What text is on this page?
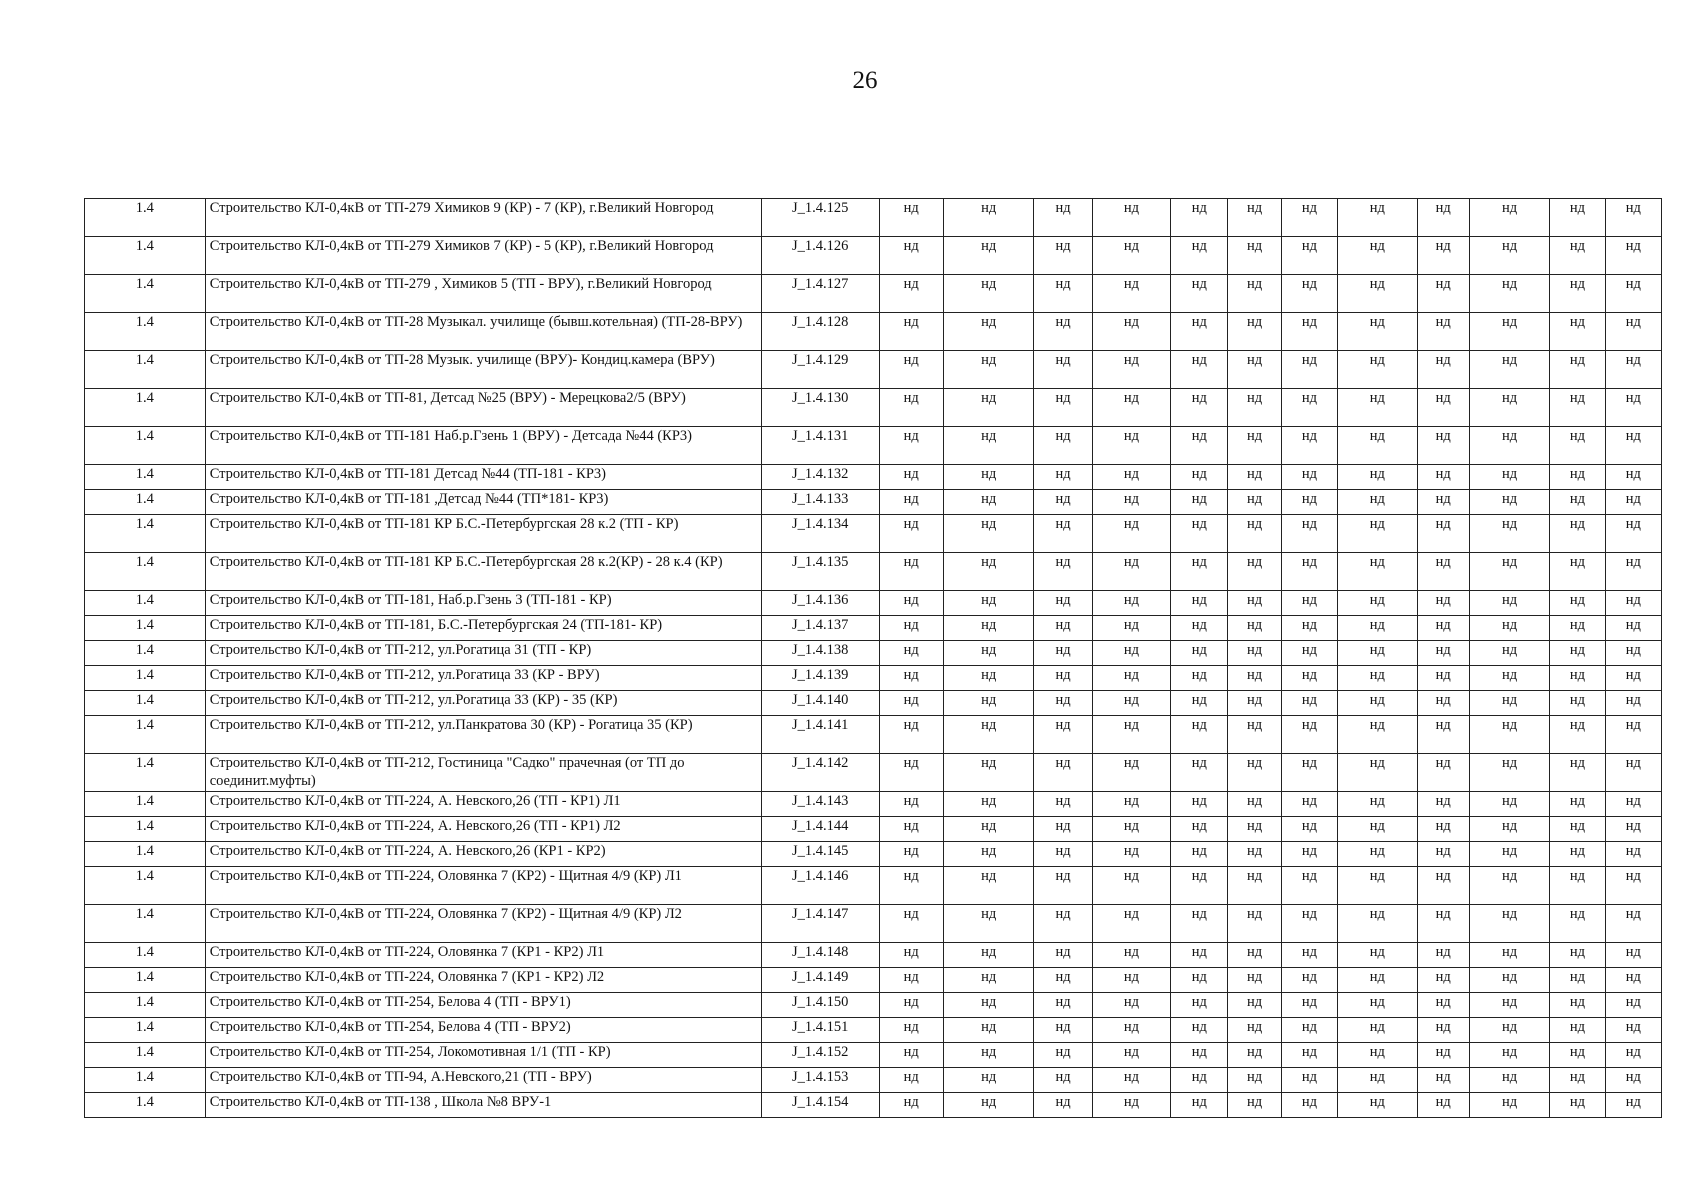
26
1.4	Строительство КЛ-0,4кВ от ТП-279 Химиков 9 (КР) - 7 (КР), г.Великий Новгород	J_1.4.125	нд	нд	нд	нд	нд	нд	нд	нд	нд	нд	нд	нд
1.4	Строительство КЛ-0,4кВ от ТП-279 Химиков 7 (КР) - 5 (КР), г.Великий Новгород	J_1.4.126	нд	нд	нд	нд	нд	нд	нд	нд	нд	нд	нд	нд
1.4	Строительство КЛ-0,4кВ от ТП-279 , Химиков 5 (ТП - ВРУ), г.Великий Новгород	J_1.4.127	нд	нд	нд	нд	нд	нд	нд	нд	нд	нд	нд	нд
1.4	Строительство КЛ-0,4кВ от ТП-28 Музыкал. училище (бывш.котельная) (ТП-28-ВРУ)	J_1.4.128	нд	нд	нд	нд	нд	нд	нд	нд	нд	нд	нд	нд
1.4	Строительство КЛ-0,4кВ от ТП-28 Музык. училище (ВРУ)- Кондиц.камера (ВРУ)	J_1.4.129	нд	нд	нд	нд	нд	нд	нд	нд	нд	нд	нд	нд
1.4	Строительство КЛ-0,4кВ от ТП-81, Детсад №25 (ВРУ) - Мерецкова2/5 (ВРУ)	J_1.4.130	нд	нд	нд	нд	нд	нд	нд	нд	нд	нд	нд	нд
1.4	Строительство КЛ-0,4кВ от ТП-181 Наб.р.Гзень 1 (ВРУ) - Детсада №44 (КР3)	J_1.4.131	нд	нд	нд	нд	нд	нд	нд	нд	нд	нд	нд	нд
1.4	Строительство КЛ-0,4кВ от ТП-181 Детсад №44 (ТП-181 - КР3)	J_1.4.132	нд	нд	нд	нд	нд	нд	нд	нд	нд	нд	нд	нд
1.4	Строительство КЛ-0,4кВ от ТП-181 ,Детсад №44 (ТП*181- КР3)	J_1.4.133	нд	нд	нд	нд	нд	нд	нд	нд	нд	нд	нд	нд
1.4	Строительство КЛ-0,4кВ от ТП-181 КР Б.С.-Петербургская 28 к.2 (ТП - КР)	J_1.4.134	нд	нд	нд	нд	нд	нд	нд	нд	нд	нд	нд	нд
1.4	Строительство КЛ-0,4кВ от ТП-181 КР Б.С.-Петербургская 28 к.2(КР) - 28 к.4 (КР)	J_1.4.135	нд	нд	нд	нд	нд	нд	нд	нд	нд	нд	нд	нд
1.4	Строительство КЛ-0,4кВ от ТП-181, Наб.р.Гзень 3 (ТП-181 - КР)	J_1.4.136	нд	нд	нд	нд	нд	нд	нд	нд	нд	нд	нд	нд
1.4	Строительство КЛ-0,4кВ от ТП-181, Б.С.-Петербургская 24 (ТП-181- КР)	J_1.4.137	нд	нд	нд	нд	нд	нд	нд	нд	нд	нд	нд	нд
1.4	Строительство КЛ-0,4кВ от ТП-212, ул.Рогатица 31 (ТП - КР)	J_1.4.138	нд	нд	нд	нд	нд	нд	нд	нд	нд	нд	нд	нд
1.4	Строительство КЛ-0,4кВ от ТП-212, ул.Рогатица 33 (КР - ВРУ)	J_1.4.139	нд	нд	нд	нд	нд	нд	нд	нд	нд	нд	нд	нд
1.4	Строительство КЛ-0,4кВ от ТП-212, ул.Рогатица 33 (КР) - 35 (КР)	J_1.4.140	нд	нд	нд	нд	нд	нд	нд	нд	нд	нд	нд	нд
1.4	Строительство КЛ-0,4кВ от ТП-212, ул.Панкратова 30 (КР) - Рогатица 35 (КР)	J_1.4.141	нд	нд	нд	нд	нд	нд	нд	нд	нд	нд	нд	нд
1.4	Строительство КЛ-0,4кВ от ТП-212, Гостиница "Садко" прачечная (от ТП до соединит.муфты)	J_1.4.142	нд	нд	нд	нд	нд	нд	нд	нд	нд	нд	нд	нд
1.4	Строительство КЛ-0,4кВ от ТП-224, А. Невского,26 (ТП - КР1) Л1	J_1.4.143	нд	нд	нд	нд	нд	нд	нд	нд	нд	нд	нд	нд
1.4	Строительство КЛ-0,4кВ от ТП-224, А. Невского,26 (ТП - КР1) Л2	J_1.4.144	нд	нд	нд	нд	нд	нд	нд	нд	нд	нд	нд	нд
1.4	Строительство КЛ-0,4кВ от ТП-224, А. Невского,26 (КР1 - КР2)	J_1.4.145	нд	нд	нд	нд	нд	нд	нд	нд	нд	нд	нд	нд
1.4	Строительство КЛ-0,4кВ от ТП-224, Оловянка 7 (КР2) - Щитная 4/9 (КР) Л1	J_1.4.146	нд	нд	нд	нд	нд	нд	нд	нд	нд	нд	нд	нд
1.4	Строительство КЛ-0,4кВ от ТП-224, Оловянка 7 (КР2) - Щитная 4/9 (КР) Л2	J_1.4.147	нд	нд	нд	нд	нд	нд	нд	нд	нд	нд	нд	нд
1.4	Строительство КЛ-0,4кВ от ТП-224, Оловянка 7 (КР1 - КР2) Л1	J_1.4.148	нд	нд	нд	нд	нд	нд	нд	нд	нд	нд	нд	нд
1.4	Строительство КЛ-0,4кВ от ТП-224, Оловянка 7 (КР1 - КР2) Л2	J_1.4.149	нд	нд	нд	нд	нд	нд	нд	нд	нд	нд	нд	нд
1.4	Строительство КЛ-0,4кВ от ТП-254, Белова 4 (ТП - ВРУ1)	J_1.4.150	нд	нд	нд	нд	нд	нд	нд	нд	нд	нд	нд	нд
1.4	Строительство КЛ-0,4кВ от ТП-254, Белова 4 (ТП - ВРУ2)	J_1.4.151	нд	нд	нд	нд	нд	нд	нд	нд	нд	нд	нд	нд
1.4	Строительство КЛ-0,4кВ от ТП-254, Локомотивная 1/1 (ТП - КР)	J_1.4.152	нд	нд	нд	нд	нд	нд	нд	нд	нд	нд	нд	нд
1.4	Строительство КЛ-0,4кВ от ТП-94, А.Невского,21 (ТП - ВРУ)	J_1.4.153	нд	нд	нд	нд	нд	нд	нд	нд	нд	нд	нд	нд
1.4	Строительство КЛ-0,4кВ от ТП-138 , Школа №8 ВРУ-1	J_1.4.154	нд	нд	нд	нд	нд	нд	нд	нд	нд	нд	нд	нд
